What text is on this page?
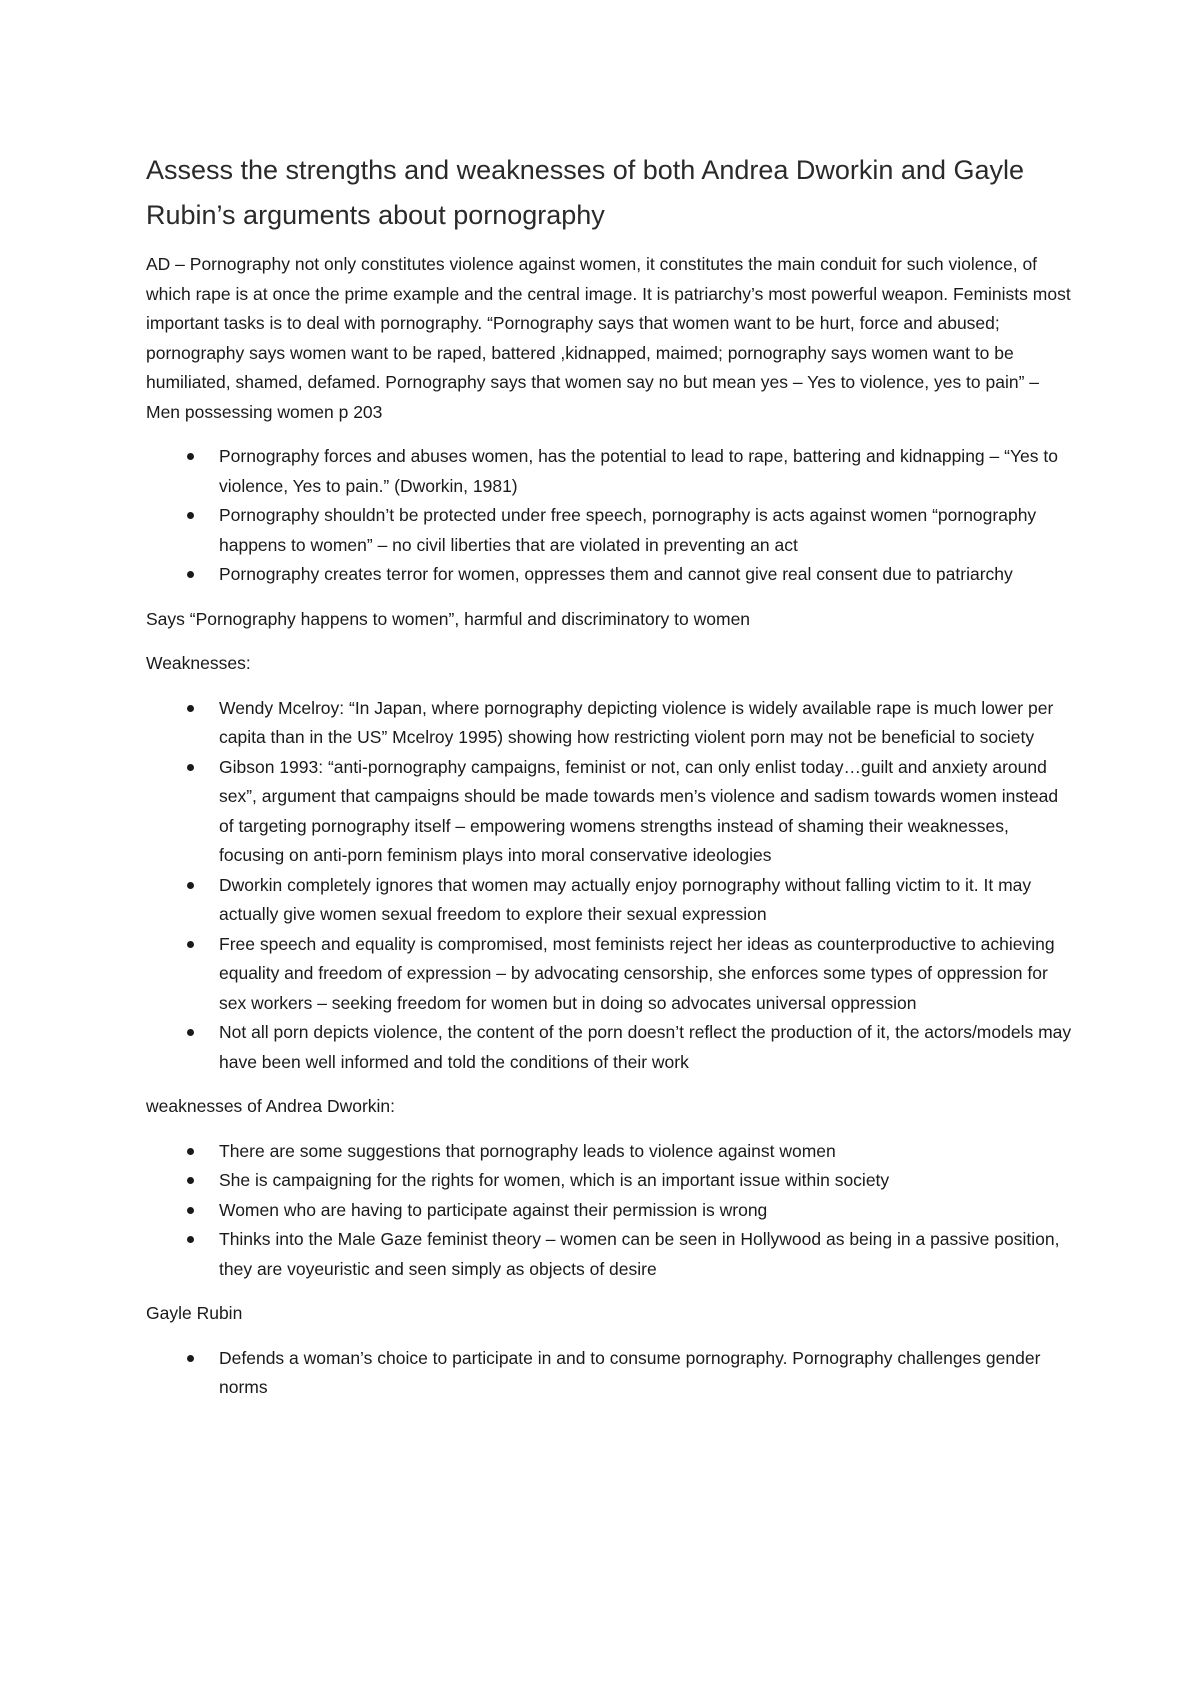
Assess the strengths and weaknesses of both Andrea Dworkin and Gayle Rubin’s arguments about pornography

AD – Pornography not only constitutes violence against women, it constitutes the main conduit for such violence, of which rape is at once the prime example and the central image. It is patriarchy’s most powerful weapon. Feminists most important tasks is to deal with pornography. “Pornography says that women want to be hurt, force and abused; pornography says women want to be raped, battered ,kidnapped, maimed; pornography says women want to be humiliated, shamed, defamed. Pornography says that women say no but mean yes – Yes to violence, yes to pain” – Men possessing women p 203

Pornography forces and abuses women, has the potential to lead to rape, battering and kidnapping – “Yes to violence, Yes to pain.” (Dworkin, 1981)
Pornography shouldn’t be protected under free speech, pornography is acts against women “pornography happens to women” – no civil liberties that are violated in preventing an act
Pornography creates terror for women, oppresses them and cannot give real consent due to patriarchy

Says “Pornography happens to women”, harmful and discriminatory to women

Weaknesses:

Wendy Mcelroy: “In Japan, where pornography depicting violence is widely available rape is much lower per capita than in the US” Mcelroy 1995) showing how restricting violent porn may not be beneficial to society
Gibson 1993: “anti-pornography campaigns, feminist or not, can only enlist today…guilt and anxiety around sex”, argument that campaigns should be made towards men’s violence and sadism towards women instead of targeting pornography itself – empowering womens strengths instead of shaming their weaknesses, focusing on anti-porn feminism plays into moral conservative ideologies
Dworkin completely ignores that women may actually enjoy pornography without falling victim to it. It may actually give women sexual freedom to explore their sexual expression
Free speech and equality is compromised, most feminists reject her ideas as counterproductive to achieving equality and freedom of expression – by advocating censorship, she enforces some types of oppression for sex workers – seeking freedom for women but in doing so advocates universal oppression
Not all porn depicts violence, the content of the porn doesn’t reflect the production of it, the actors/models may have been well informed and told the conditions of their work

weaknesses of Andrea Dworkin:

There are some suggestions that pornography leads to violence against women
She is campaigning for the rights for women, which is an important issue within society
Women who are having to participate against their permission is wrong
Thinks into the Male Gaze feminist theory – women can be seen in Hollywood as being in a passive position, they are voyeuristic and seen simply as objects of desire

Gayle Rubin

Defends a woman’s choice to participate in and to consume pornography. Pornography challenges gender norms
